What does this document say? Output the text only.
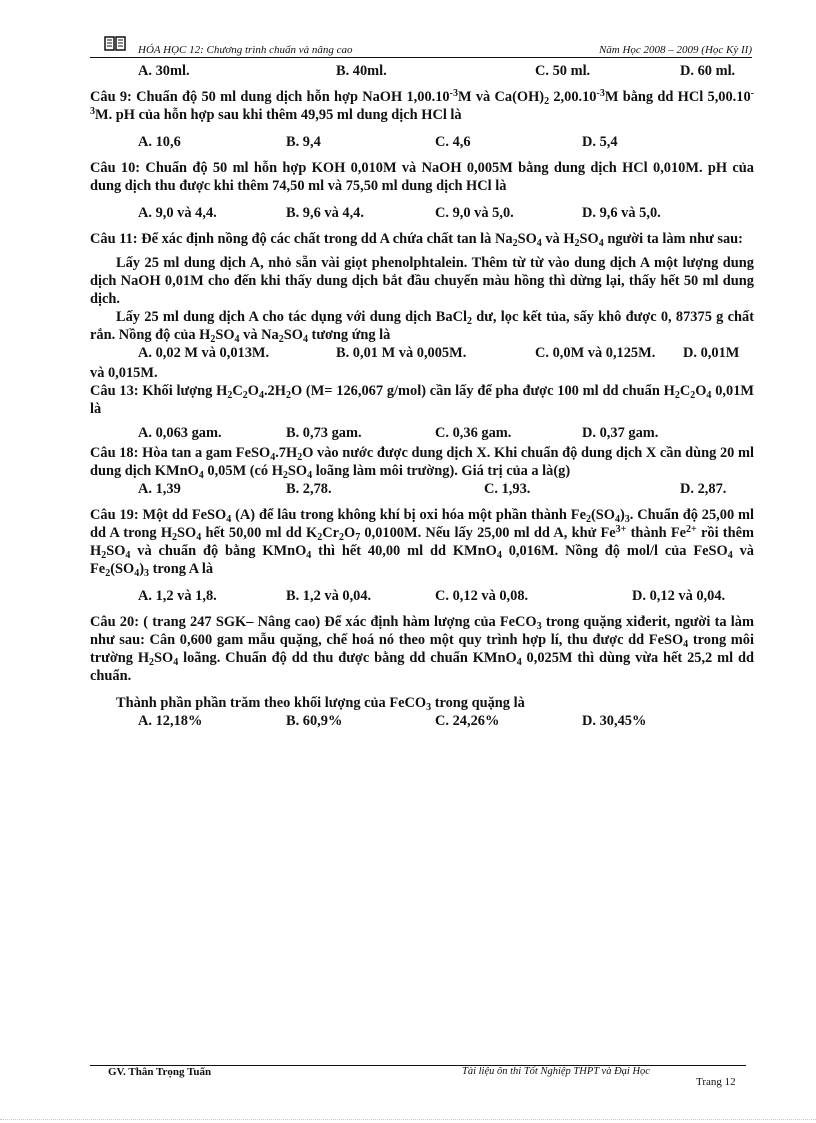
HÓA HỌC 12: Chương trình chuẩn và nâng cao	Năm Học 2008 – 2009 (Học Kỳ II)
A. 30ml.	B. 40ml.	C. 50 ml.	D. 60 ml.

Câu 9: Chuẩn độ 50 ml dung dịch hỗn hợp NaOH $1,00.10^{-3}M$ và $Ca(OH)_2$ $2,00.10^{-3}M$ bằng dd HCl $5,00.10^{-3}M$. pH của hỗn hợp sau khi thêm 49,95 ml dung dịch HCl là

A. 10,6	B. 9,4	C. 4,6	D. 5,4

Câu 10: Chuẩn độ 50 ml hỗn hợp KOH 0,010M và NaOH 0,005M bằng dung dịch HCl 0,010M. pH của dung dịch thu được khi thêm 74,50 ml và 75,50 ml dung dịch HCl là

A. 9,0 và 4,4.	B. 9,6 và 4,4.	C. 9,0 và 5,0.	D. 9,6 và 5,0.

Câu 11: Để xác định nồng độ các chất trong dd A chứa chất tan là $Na_2SO_4$ và $H_2SO_4$ người ta làm như sau:

Lấy 25 ml dung dịch A, nhỏ sẵn vài giọt phenolphtalein. Thêm từ từ vào dung dịch A một lượng dung dịch NaOH 0,01M cho đến khi thấy dung dịch bắt đầu chuyển màu hồng thì dừng lại, thấy hết 50 ml dung dịch.

Lấy 25 ml dung dịch A cho tác dụng với dung dịch BaCl$_2$ dư, lọc kết tủa, sấy khô được 0, 87375 g chất rắn. Nồng độ của $H_2SO_4$ và $Na_2SO_4$ tương ứng là

A. 0,02 M và 0,013M.	B. 0,01 M và 0,005M.	C. 0,0M và 0,125M. D. 0,01M

và 0,015M.

Câu 13: Khối lượng $H_2C_2O_4.2H_2O$ (M= 126,067 g/mol) cần lấy để pha được 100 ml dd chuẩn $H_2C_2O_4$ 0,01M là

A. 0,063 gam.	B. 0,73 gam.	C. 0,36 gam.	D. 0,37 gam.

Câu 18: Hòa tan a gam $FeSO_4.7H_2O$ vào nước được dung dịch X. Khi chuẩn độ dung dịch X cần dùng 20 ml dung dịch KMnO$_4$ 0,05M (có $H_2SO_4$ loãng làm môi trường). Giá trị của a là(g)

A. 1,39	B. 2,78.	C. 1,93.	D. 2,87.

Câu 19: Một dd FeSO$_4$ (A) để lâu trong không khí bị oxi hóa một phần thành $Fe_2(SO_4)_3$. Chuẩn độ 25,00 ml dd A trong $H_2SO_4$ hết 50,00 ml dd $K_2Cr_2O_7$ 0,0100M. Nếu lấy 25,00 ml dd A, khử $Fe^{3+}$ thành $Fe^{2+}$ rồi thêm $H_2SO_4$ và chuẩn độ bằng KMnO$_4$ thì hết 40,00 ml dd KMnO$_4$ 0,016M. Nồng độ mol/l của FeSO$_4$ và $Fe_2(SO_4)_3$ trong A là

A. 1,2 và 1,8.	B. 1,2 và 0,04.	C. 0,12 và 0,08.	D. 0,12 và 0,04.

Câu 20: ( trang 247 SGK– Nâng cao) Để xác định hàm lượng của FeCO$_3$ trong quặng xiđerit, người ta làm như sau: Cân 0,600 gam mẫu quặng, chế hoá nó theo một quy trình hợp lí, thu được dd FeSO$_4$ trong môi trường $H_2SO_4$ loãng. Chuẩn độ dd thu được bằng dd chuẩn KMnO$_4$ 0,025M thì dùng vừa hết 25,2 ml dd chuẩn.

Thành phần phần trăm theo khối lượng của FeCO$_3$ trong quặng là

A. 12,18%	B. 60,9%	C. 24,26%	D. 30,45%
GV. Thân Trọng Tuấn	Tài liệu ôn thi Tốt Nghiệp THPT và Đại Học
Trang 12
